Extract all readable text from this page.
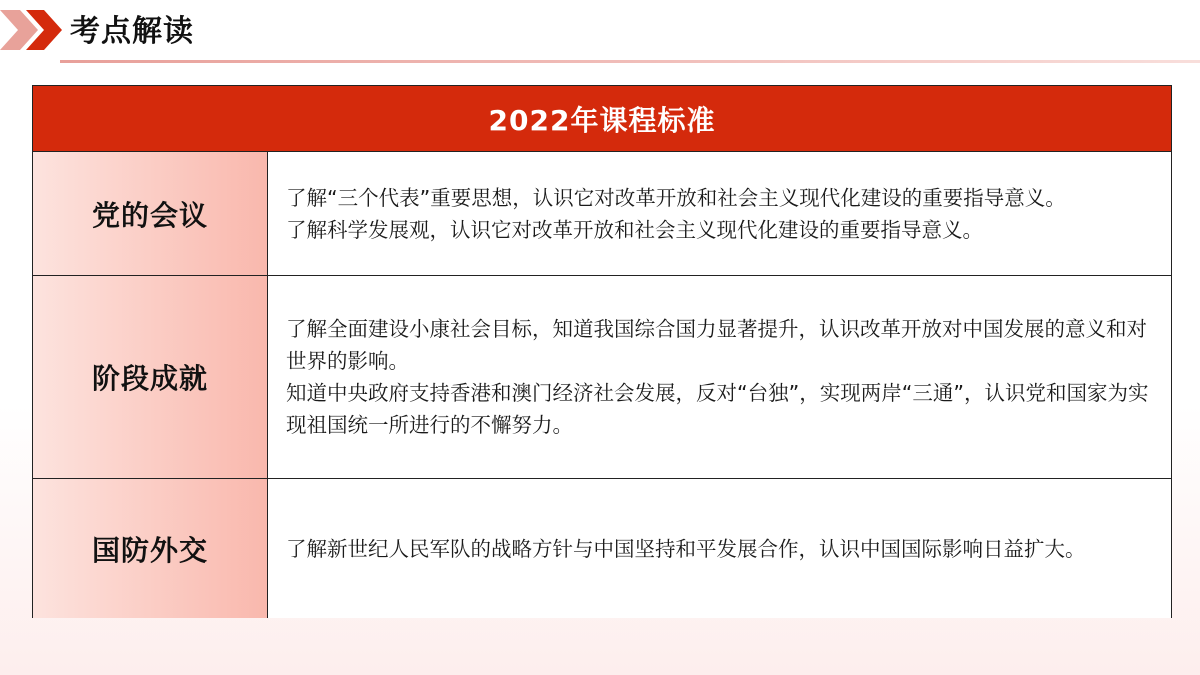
考点解读
2022年课程标准
党的会议

了解“三个代表”重要思想，认识它对改革开放和社会主义现代化建设的重要指导意义。

了解科学发展观，认识它对改革开放和社会主义现代化建设的重要指导意义。

阶段成就

了解全面建设小康社会目标，知道我国综合国力显著提升，认识改革开放对中国发展的意义和对世界的影响。

知道中央政府支持香港和澳门经济社会发展，反对“台独”，实现两岸“三通”，认识党和国家为实现祖国统一所进行的不懈努力。

国防外交	了解新世纪人民军队的战略方针与中国坚持和平发展合作，认识中国国际影响日益扩大。
